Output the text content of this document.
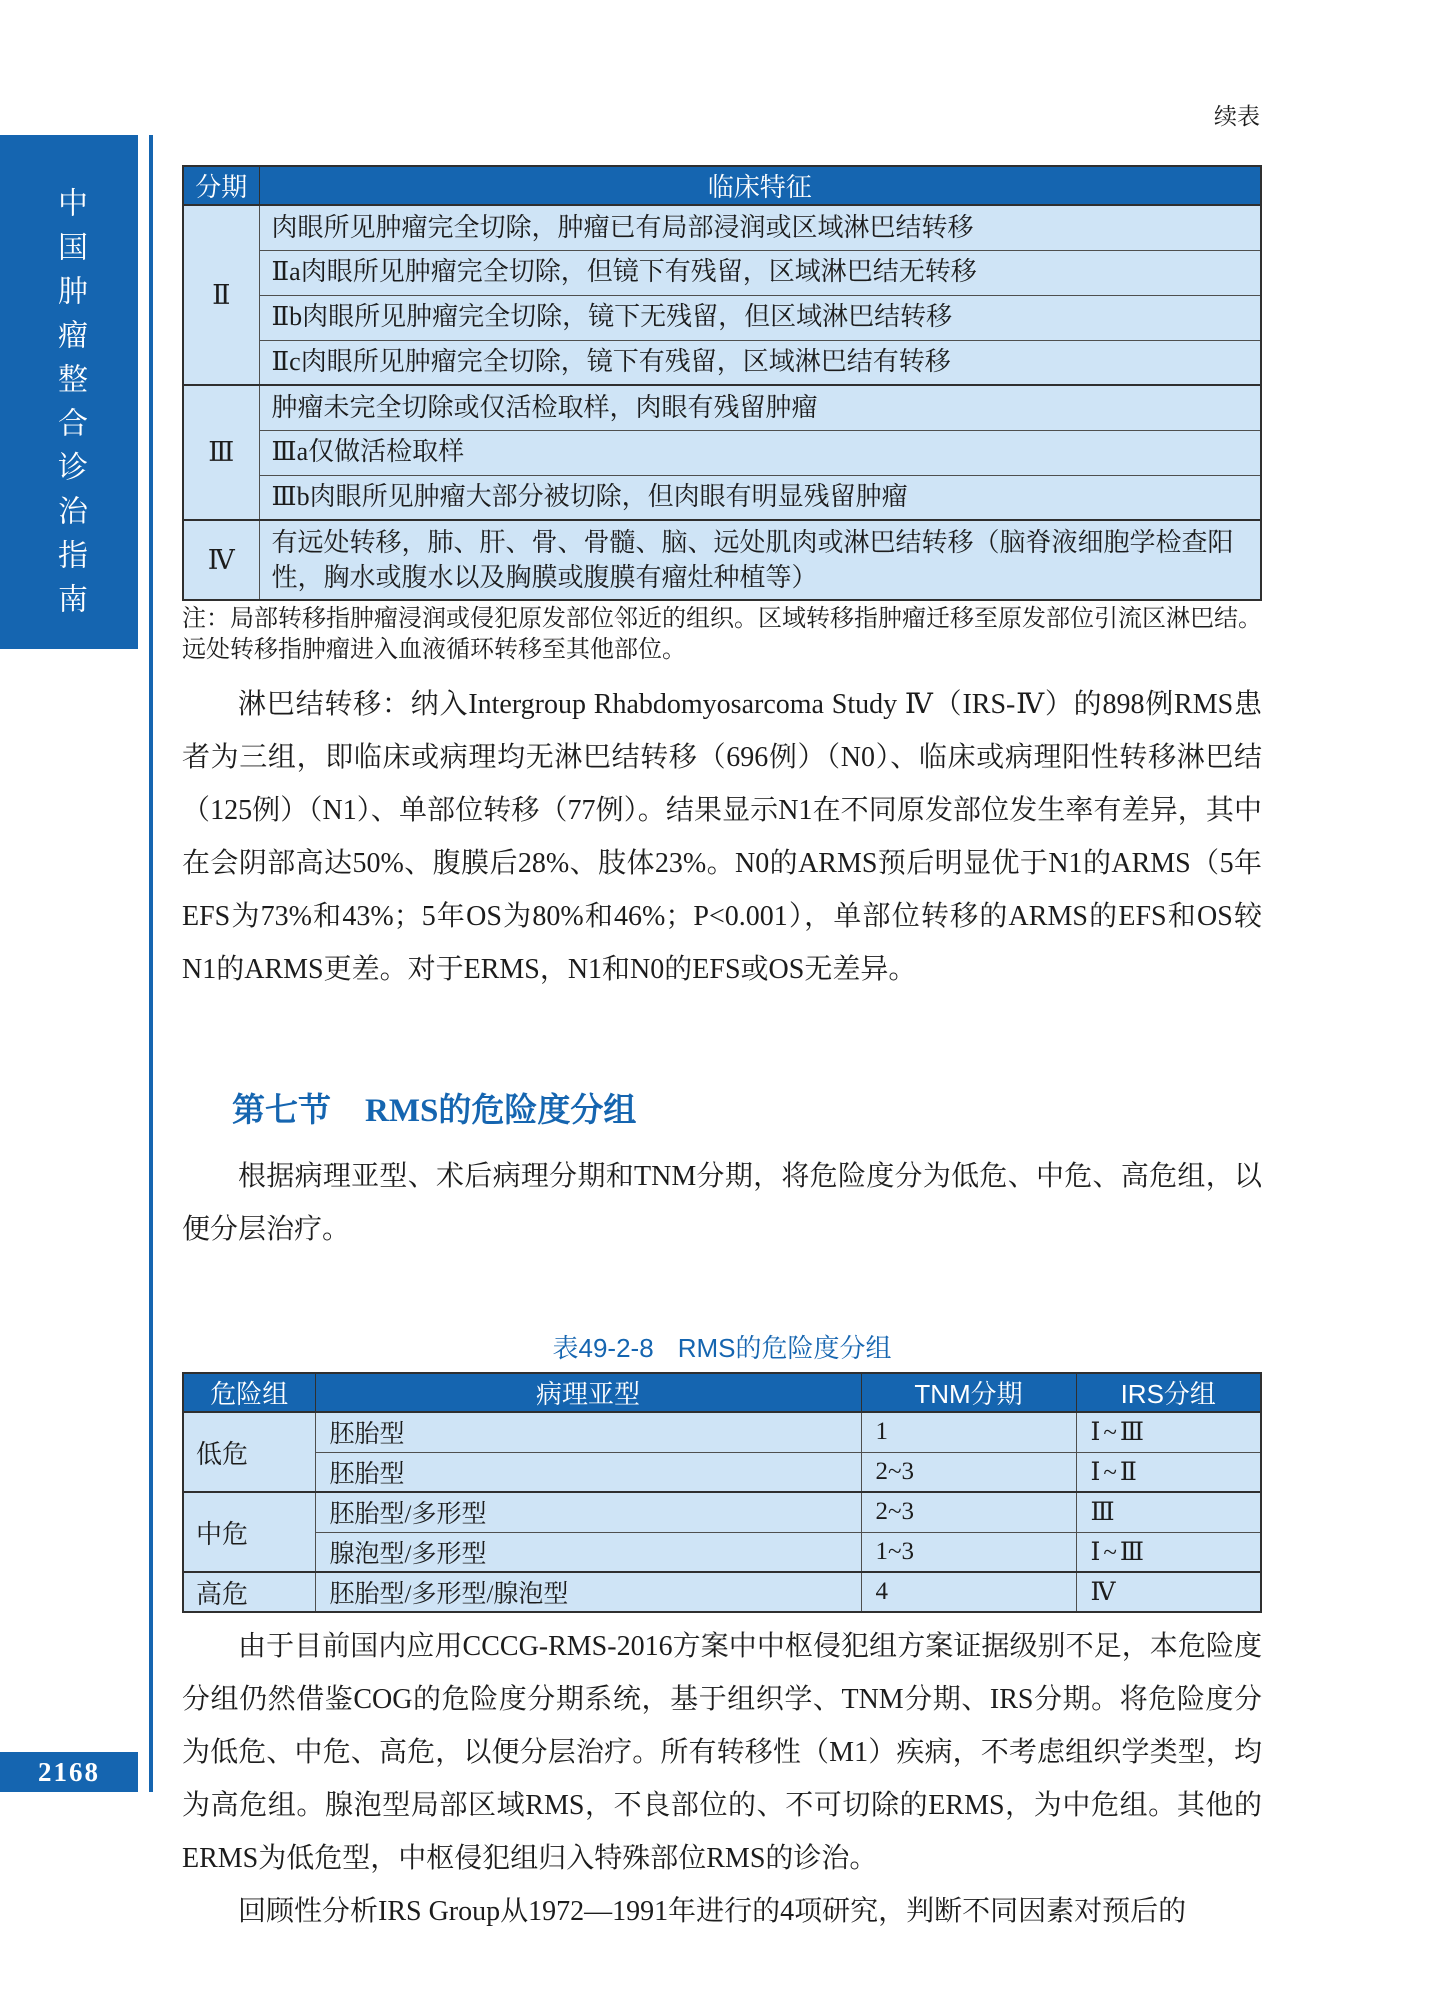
中国肿瘤整合诊治指南
2168
续表
分期	临床特征
Ⅱ	肉眼所见肿瘤完全切除，肿瘤已有局部浸润或区域淋巴结转移
	Ⅱa肉眼所见肿瘤完全切除，但镜下有残留，区域淋巴结无转移
	Ⅱb肉眼所见肿瘤完全切除，镜下无残留，但区域淋巴结转移
	Ⅱc肉眼所见肿瘤完全切除，镜下有残留，区域淋巴结有转移
Ⅲ	肿瘤未完全切除或仅活检取样，肉眼有残留肿瘤
	Ⅲa仅做活检取样
	Ⅲb肉眼所见肿瘤大部分被切除，但肉眼有明显残留肿瘤
Ⅳ	有远处转移，肺、肝、骨、骨髓、脑、远处肌肉或淋巴结转移（脑脊液细胞学检查阳性，胸水或腹水以及胸膜或腹膜有瘤灶种植等）
注：局部转移指肿瘤浸润或侵犯原发部位邻近的组织。区域转移指肿瘤迁移至原发部位引流区淋巴结。远处转移指肿瘤进入血液循环转移至其他部位。
淋巴结转移：纳入Intergroup Rhabdomyosarcoma Study Ⅳ（IRS-Ⅳ）的898例RMS患者为三组，即临床或病理均无淋巴结转移（696例）（N0）、临床或病理阳性转移淋巴结（125例）（N1）、单部位转移（77例）。结果显示N1在不同原发部位发生率有差异，其中在会阴部高达50%、腹膜后28%、肢体23%。N0的ARMS预后明显优于N1的ARMS（5年EFS为73%和43%；5年OS为80%和46%；P<0.001），单部位转移的ARMS的EFS和OS较N1的ARMS更差。对于ERMS，N1和N0的EFS或OS无差异。
第七节 RMS的危险度分组
根据病理亚型、术后病理分期和TNM分期，将危险度分为低危、中危、高危组，以便分层治疗。
表49-2-8 RMS的危险度分组
危险组	病理亚型	TNM分期	IRS分组
低危	胚胎型	1	Ⅰ~Ⅲ
	胚胎型	2~3	Ⅰ~Ⅱ
中危	胚胎型/多形型	2~3	Ⅲ
	腺泡型/多形型	1~3	Ⅰ~Ⅲ
高危	胚胎型/多形型/腺泡型	4	Ⅳ
由于目前国内应用CCCG-RMS-2016方案中中枢侵犯组方案证据级别不足，本危险度分组仍然借鉴COG的危险度分期系统，基于组织学、TNM分期、IRS分期。将危险度分为低危、中危、高危，以便分层治疗。所有转移性（M1）疾病，不考虑组织学类型，均为高危组。腺泡型局部区域RMS，不良部位的、不可切除的ERMS，为中危组。其他的ERMS为低危型，中枢侵犯组归入特殊部位RMS的诊治。
回顾性分析IRS Group从1972—1991年进行的4项研究，判断不同因素对预后的
